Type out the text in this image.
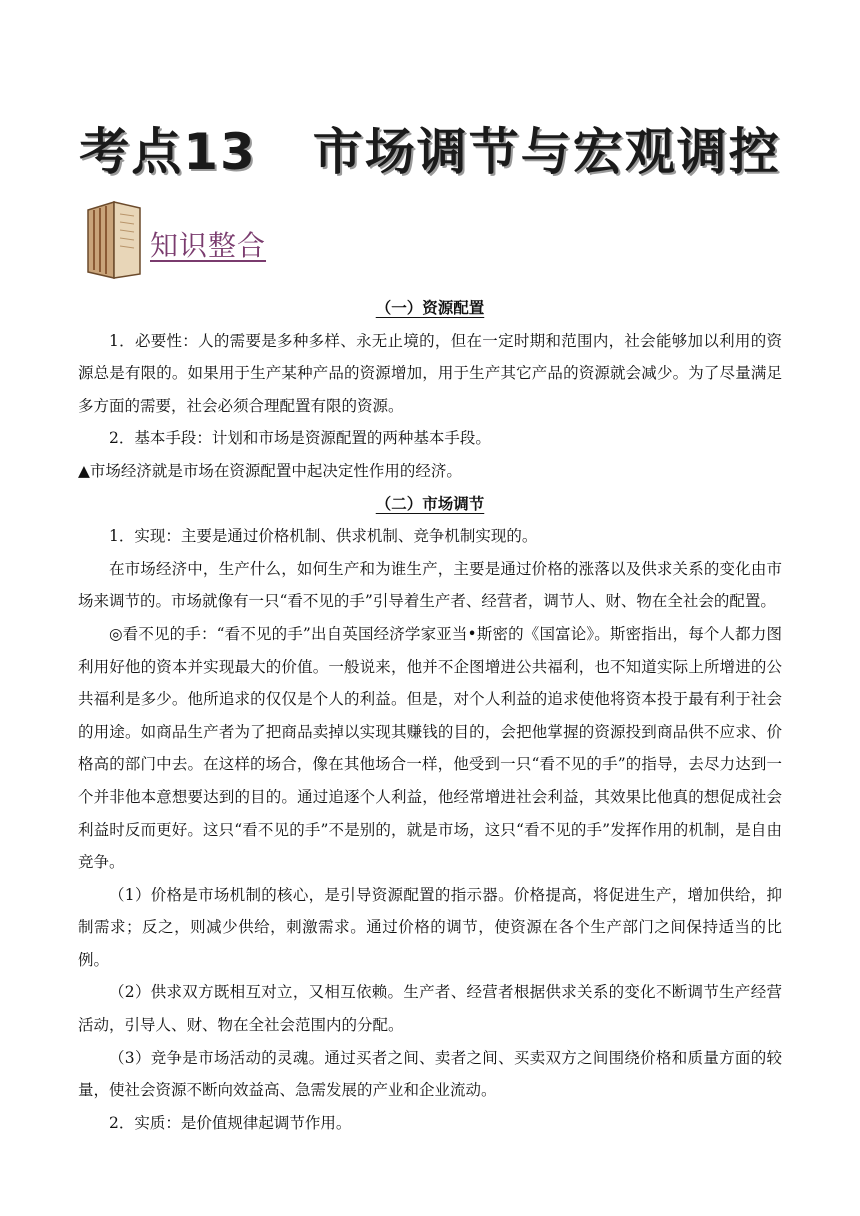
考点13 市场调节与宏观调控
知识整合

（一）资源配置

1．必要性：人的需要是多种多样、永无止境的，但在一定时期和范围内，社会能够加以利用的资源总是有限的。如果用于生产某种产品的资源增加，用于生产其它产品的资源就会减少。为了尽量满足多方面的需要，社会必须合理配置有限的资源。

2．基本手段：计划和市场是资源配置的两种基本手段。

▲市场经济就是市场在资源配置中起决定性作用的经济。

（二）市场调节

1．实现：主要是通过价格机制、供求机制、竞争机制实现的。

在市场经济中，生产什么，如何生产和为谁生产，主要是通过价格的涨落以及供求关系的变化由市场来调节的。市场就像有一只“看不见的手”引导着生产者、经营者，调节人、财、物在全社会的配置。

◎看不见的手：“看不见的手”出自英国经济学家亚当•斯密的《国富论》。斯密指出，每个人都力图利用好他的资本并实现最大的价值。一般说来，他并不企图增进公共福利，也不知道实际上所增进的公共福利是多少。他所追求的仅仅是个人的利益。但是，对个人利益的追求使他将资本投于最有利于社会的用途。如商品生产者为了把商品卖掉以实现其赚钱的目的，会把他掌握的资源投到商品供不应求、价格高的部门中去。在这样的场合，像在其他场合一样，他受到一只“看不见的手”的指导，去尽力达到一个并非他本意想要达到的目的。通过追逐个人利益，他经常增进社会利益，其效果比他真的想促成社会利益时反而更好。这只“看不见的手”不是别的，就是市场，这只“看不见的手”发挥作用的机制，是自由竞争。

（1）价格是市场机制的核心，是引导资源配置的指示器。价格提高，将促进生产，增加供给，抑制需求；反之，则减少供给，刺激需求。通过价格的调节，使资源在各个生产部门之间保持适当的比例。

（2）供求双方既相互对立，又相互依赖。生产者、经营者根据供求关系的变化不断调节生产经营活动，引导人、财、物在全社会范围内的分配。

（3）竞争是市场活动的灵魂。通过买者之间、卖者之间、买卖双方之间围绕价格和质量方面的较量，使社会资源不断向效益高、急需发展的产业和企业流动。

2．实质：是价值规律起调节作用。
